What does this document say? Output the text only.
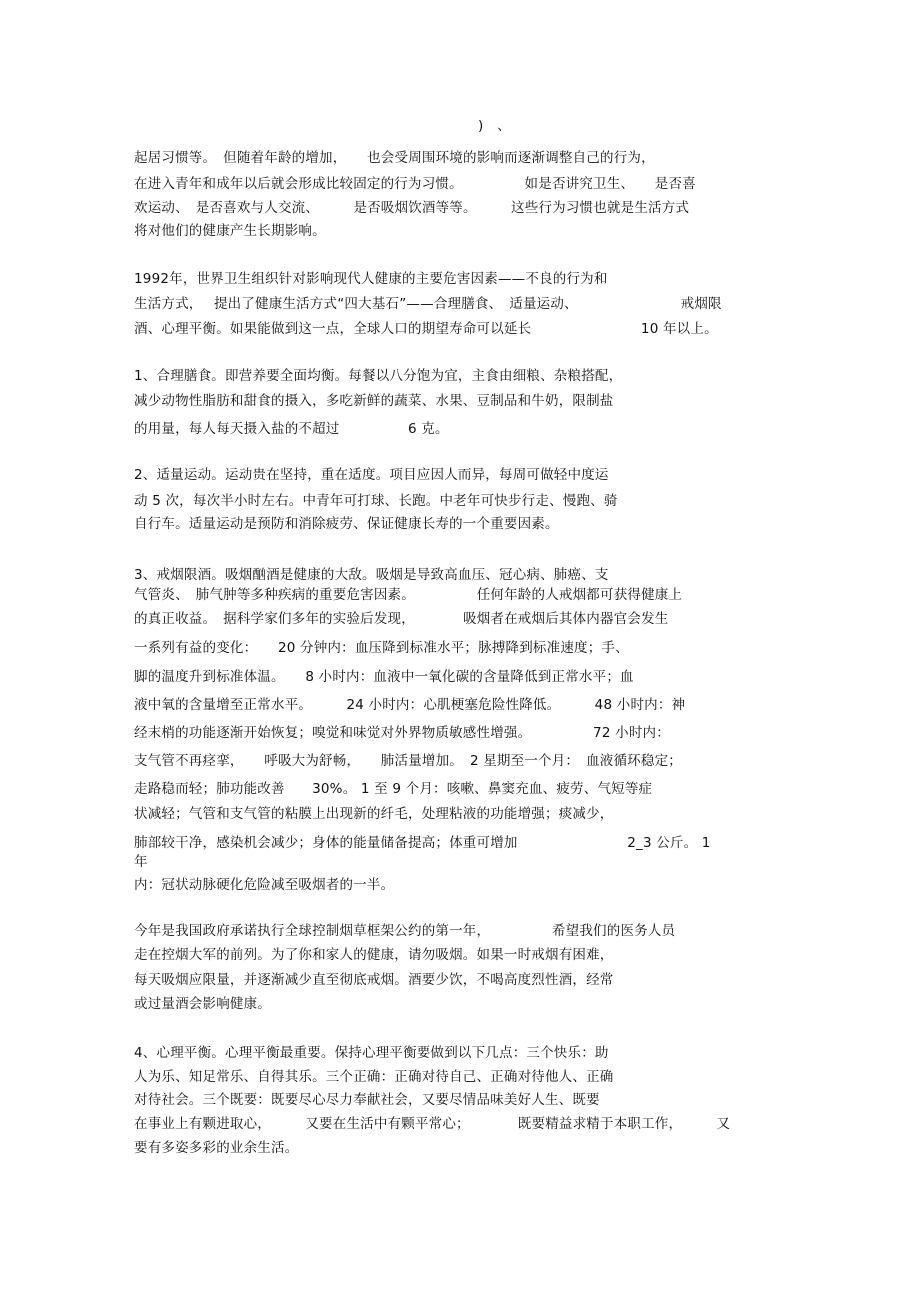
)　、
起居习惯等。　但随着年龄的增加，　　也会受周围环境的影响而逐渐调整自己的行为，
在进入青年和成年以后就会形成比较固定的行为习惯。　　　　　如是否讲究卫生、　　是否喜
欢运动、　是否喜欢与人交流、　　　是否吸烟饮酒等等。　　　这些行为习惯也就是生活方式
将对他们的健康产生长期影响。
1992年，世界卫生组织针对影响现代人健康的主要危害因素——不良的行为和
生活方式，　 提出了健康生活方式“四大基石”——合理膳食、　适量运动、　　　　　　　　戒烟限
酒、心理平衡。如果能做到这一点，全球人口的期望寿命可以延长　　　　　　　　10 年以上。
1、合理膳食。即营养要全面均衡。每餐以八分饱为宜，主食由细粮、杂粮搭配，
减少动物性脂肪和甜食的摄入，多吃新鲜的蔬菜、水果、豆制品和牛奶，限制盐
的用量，每人每天摄入盐的不超过　　　　　6 克。
2、适量运动。运动贵在坚持，重在适度。项目应因人而异，每周可做轻中度运
动 5 次，每次半小时左右。中青年可打球、长跑。中老年可快步行走、慢跑、骑
自行车。适量运动是预防和消除疲劳、保证健康长寿的一个重要因素。
3、戒烟限酒。吸烟酗酒是健康的大敌。吸烟是导致高血压、冠心病、肺癌、支
气管炎、　肺气肿等多种疾病的重要危害因素。　　　　　任何年龄的人戒烟都可获得健康上
的真正收益。　据科学家们多年的实验后发现，　　　　吸烟者在戒烟后其体内器官会发生
一系列有益的变化：　　20 分钟内：血压降到标准水平；脉搏降到标准速度；手、
脚的温度升到标准体温。　　8 小时内：血液中一氧化碳的含量降低到正常水平；血
液中氧的含量增至正常水平。　　　24 小时内：心肌梗塞危险性降低。　　　48 小时内：神
经末梢的功能逐渐开始恢复；嗅觉和味觉对外界物质敏感性增强。　　　　　72 小时内：
支气管不再痉挛，　　呼吸大为舒畅，　　肺活量增加。　2 星期至一个月：　血液循环稳定；
走路稳而轻；肺功能改善　　30%。 1 至 9 个月：咳嗽、鼻窦充血、疲劳、气短等症
状减轻；气管和支气管的粘膜上出现新的纤毛，处理粘液的功能增强；痰减少，
肺部较干净，感染机会减少；身体的能量储备提高；体重可增加　　　　　　　　2_3 公斤。 1
年
内：冠状动脉硬化危险减至吸烟者的一半。
今年是我国政府承诺执行全球控制烟草框架公约的第一年，　　　　　希望我们的医务人员
走在控烟大军的前列。为了你和家人的健康，请勿吸烟。如果一时戒烟有困难，
每天吸烟应限量，并逐渐减少直至彻底戒烟。酒要少饮，不喝高度烈性酒，经常
或过量酒会影响健康。
4、心理平衡。心理平衡最重要。保持心理平衡要做到以下几点：三个快乐：助
人为乐、知足常乐、自得其乐。三个正确：正确对待自己、正确对待他人、正确
对待社会。三个既要：既要尽心尽力奉献社会，又要尽情品味美好人生、既要
在事业上有颗进取心，　　　又要在生活中有颗平常心；　　　　既要精益求精于本职工作，　　　又
要有多姿多彩的业余生活。
